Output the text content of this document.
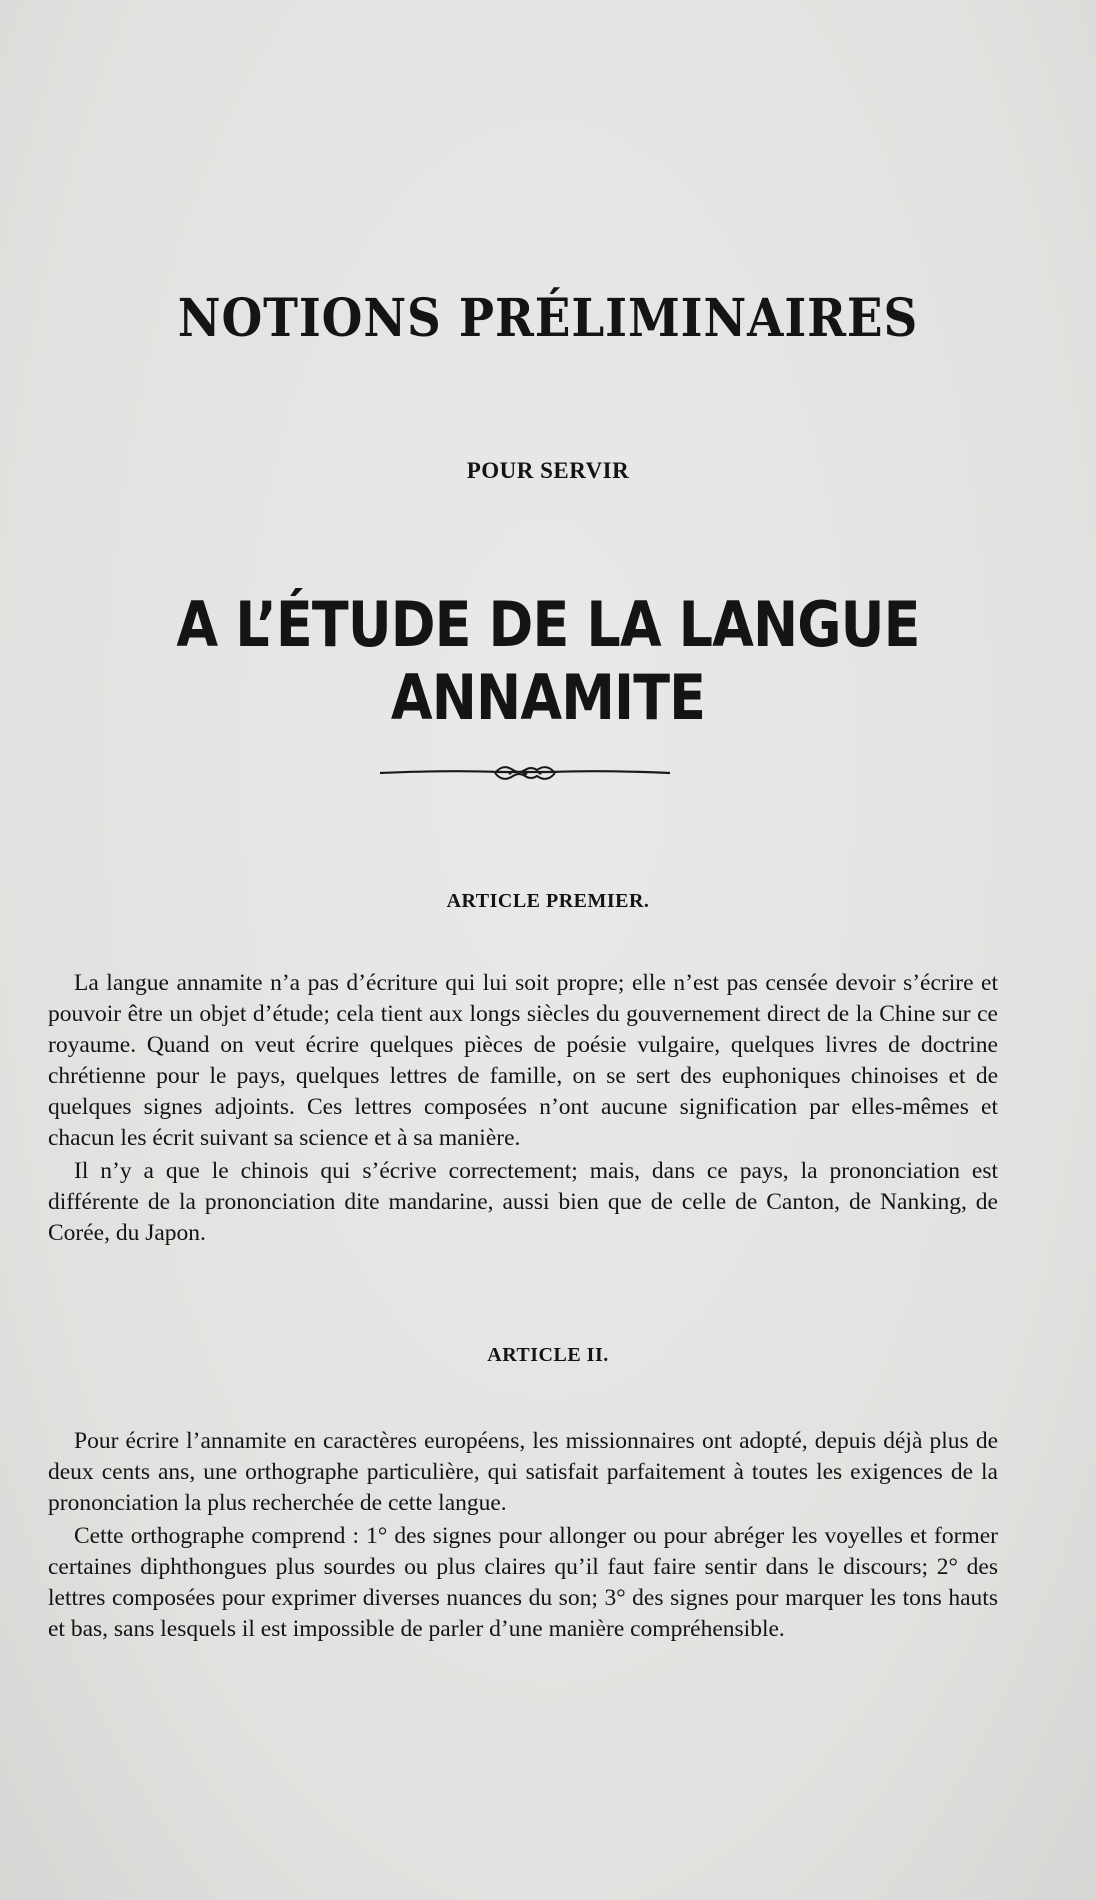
NOTIONS PRÉLIMINAIRES
POUR SERVIR
A L’ÉTUDE DE LA LANGUE ANNAMITE
ARTICLE PREMIER.

La langue annamite n’a pas d’écriture qui lui soit propre; elle n’est pas censée devoir s’écrire et pouvoir être un objet d’étude; cela tient aux longs siècles du gouvernement direct de la Chine sur ce royaume. Quand on veut écrire quelques pièces de poésie vulgaire, quelques livres de doctrine chrétienne pour le pays, quelques lettres de famille, on se sert des euphoniques chinoises et de quelques signes adjoints. Ces lettres composées n’ont aucune signification par elles-mêmes et chacun les écrit suivant sa science et à sa manière.

Il n’y a que le chinois qui s’écrive correctement; mais, dans ce pays, la prononciation est différente de la prononciation dite mandarine, aussi bien que de celle de Canton, de Nanking, de Corée, du Japon.

ARTICLE II.

Pour écrire l’annamite en caractères européens, les missionnaires ont adopté, depuis déjà plus de deux cents ans, une orthographe particulière, qui satisfait parfaitement à toutes les exigences de la prononciation la plus recherchée de cette langue.

Cette orthographe comprend : 1° des signes pour allonger ou pour abréger les voyelles et former certaines diphthongues plus sourdes ou plus claires qu’il faut faire sentir dans le discours; 2° des lettres composées pour exprimer diverses nuances du son; 3° des signes pour marquer les tons hauts et bas, sans lesquels il est impossible de parler d’une manière compréhensible.
